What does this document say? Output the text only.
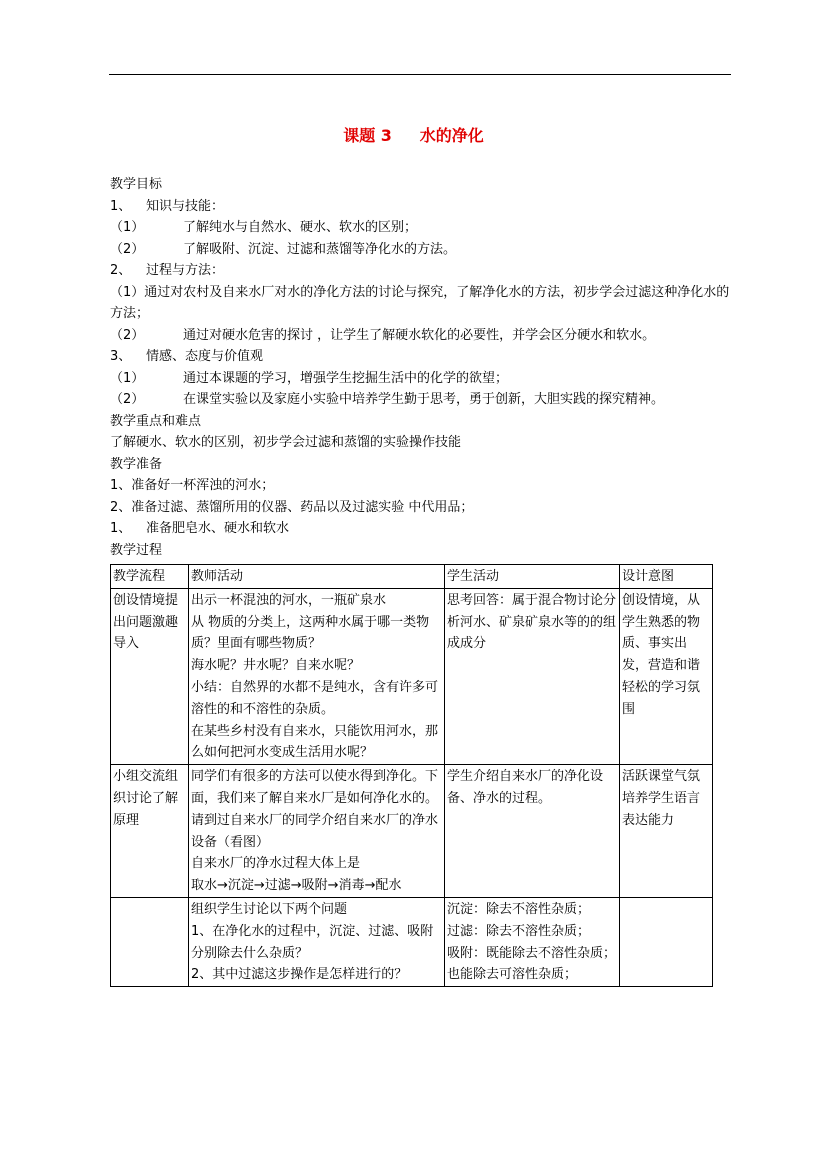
课题 3     水的净化
教学目标
1、 知识与技能：
（1）	了解纯水与自然水、硬水、软水的区别；
（2）	了解吸附、沉淀、过滤和蒸馏等净化水的方法。
2、 过程与方法：
（1）通过对农村及自来水厂对水的净化方法的讨论与探究，了解净化水的方法，初步学会过滤这种净化水的方法；
（2）	通过对硬水危害的探讨 ，让学生了解硬水软化的必要性，并学会区分硬水和软水。
3、 情感、态度与价值观
（1）	通过本课题的学习，增强学生挖掘生活中的化学的欲望；
（2）	在课堂实验以及家庭小实验中培养学生勤于思考，勇于创新，大胆实践的探究精神。
教学重点和难点
了解硬水、软水的区别，初步学会过滤和蒸馏的实验操作技能
教学准备
1、准备好一杯浑浊的河水；
2、准备过滤、蒸馏所用的仪器、药品以及过滤实验 中代用品；
1、 准备肥皂水、硬水和软水
教学过程
教学流程	教师活动	学生活动	设计意图
创设情境提出问题激趣导入	出示一杯混浊的河水，一瓶矿泉水
从 物质的分类上，这两种水属于哪一类物质？里面有哪些物质？
海水呢？井水呢？自来水呢？
小结：自然界的水都不是纯水，含有许多可溶性的和不溶性的杂质。
在某些乡村没有自来水，只能饮用河水，那么如何把河水变成生活用水呢？	思考回答：属于混合物讨论分析河水、矿泉矿泉水等的的组成成分	创设情境，从学生熟悉的物质、事实出发，营造和谐轻松的学习氛围
小组交流组织讨论了解原理	同学们有很多的方法可以使水得到净化。下面，我们来了解自来水厂是如何净化水的。请到过自来水厂的同学介绍自来水厂的净水设备（看图）
自来水厂的净水过程大体上是
取水→沉淀→过滤→吸附→消毒→配水	学生介绍自来水厂的净化设备、净水的过程。	活跃课堂气氛培养学生语言表达能力

	组织学生讨论以下两个问题
1、在净化水的过程中，沉淀、过滤、吸附分别除去什么杂质？
2、其中过滤这步操作是怎样进行的？	沉淀：除去不溶性杂质；
过滤：除去不溶性杂质；
吸附：既能除去不溶性杂质；
也能除去可溶性杂质；	
